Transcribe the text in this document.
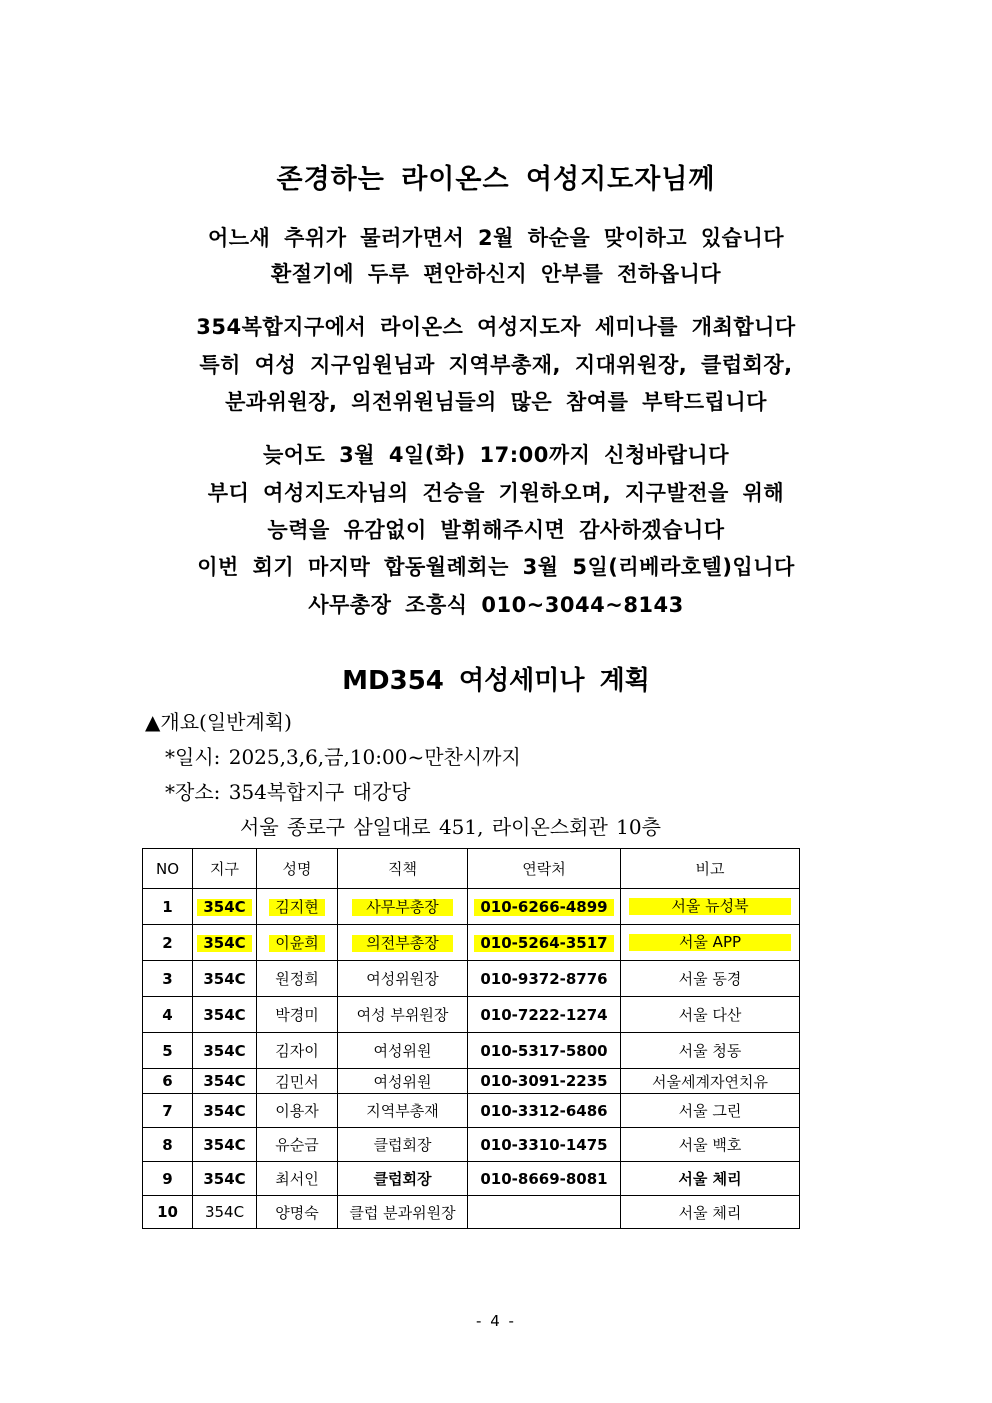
존경하는 라이온스 여성지도자님께
어느새 추위가 물러가면서 2월 하순을 맞이하고 있습니다
환절기에 두루 편안하신지 안부를 전하옵니다
354복합지구에서 라이온스 여성지도자 세미나를 개최합니다
특히 여성 지구임원님과 지역부총재, 지대위원장, 클럽회장,
분과위원장, 의전위원님들의 많은 참여를 부탁드립니다
늦어도 3월 4일(화) 17:00까지 신청바랍니다
부디 여성지도자님의 건승을 기원하오며, 지구발전을 위해
능력을 유감없이 발휘해주시면 감사하겠습니다
이번 회기 마지막 합동월례회는 3월 5일(리베라호텔)입니다
사무총장 조흥식 010~3044~8143
MD354 여성세미나 계획
▲개요(일반계획)
*일시: 2025,3,6,금,10:00~만찬시까지
*장소: 354복합지구 대강당
서울 종로구 삼일대로 451, 라이온스회관 10층
NO	지구	성명	직책	연락처	비고
1	354C	김지현	사무부총장	010-6266-4899	서울 뉴성북

2	354C	이윤희	의전부총장	010-5264-3517	서울 APP

3	354C	원정희	여성위원장	010-9372-8776	서울 동경
4	354C	박경미	여성 부위원장	010-7222-1274	서울 다산
5	354C	김자이	여성위원	010-5317-5800	서울 청동
6	354C	김민서	여성위원	010-3091-2235	서울세계자연치유
7	354C	이용자	지역부총재	010-3312-6486	서울 그린
8	354C	유순금	클럽회장	010-3310-1475	서울 백호
9	354C	최서인	클럽회장	010-8669-8081	서울 체리
10	354C	양명숙	클럽 분과위원장		서울 체리
- 4 -
